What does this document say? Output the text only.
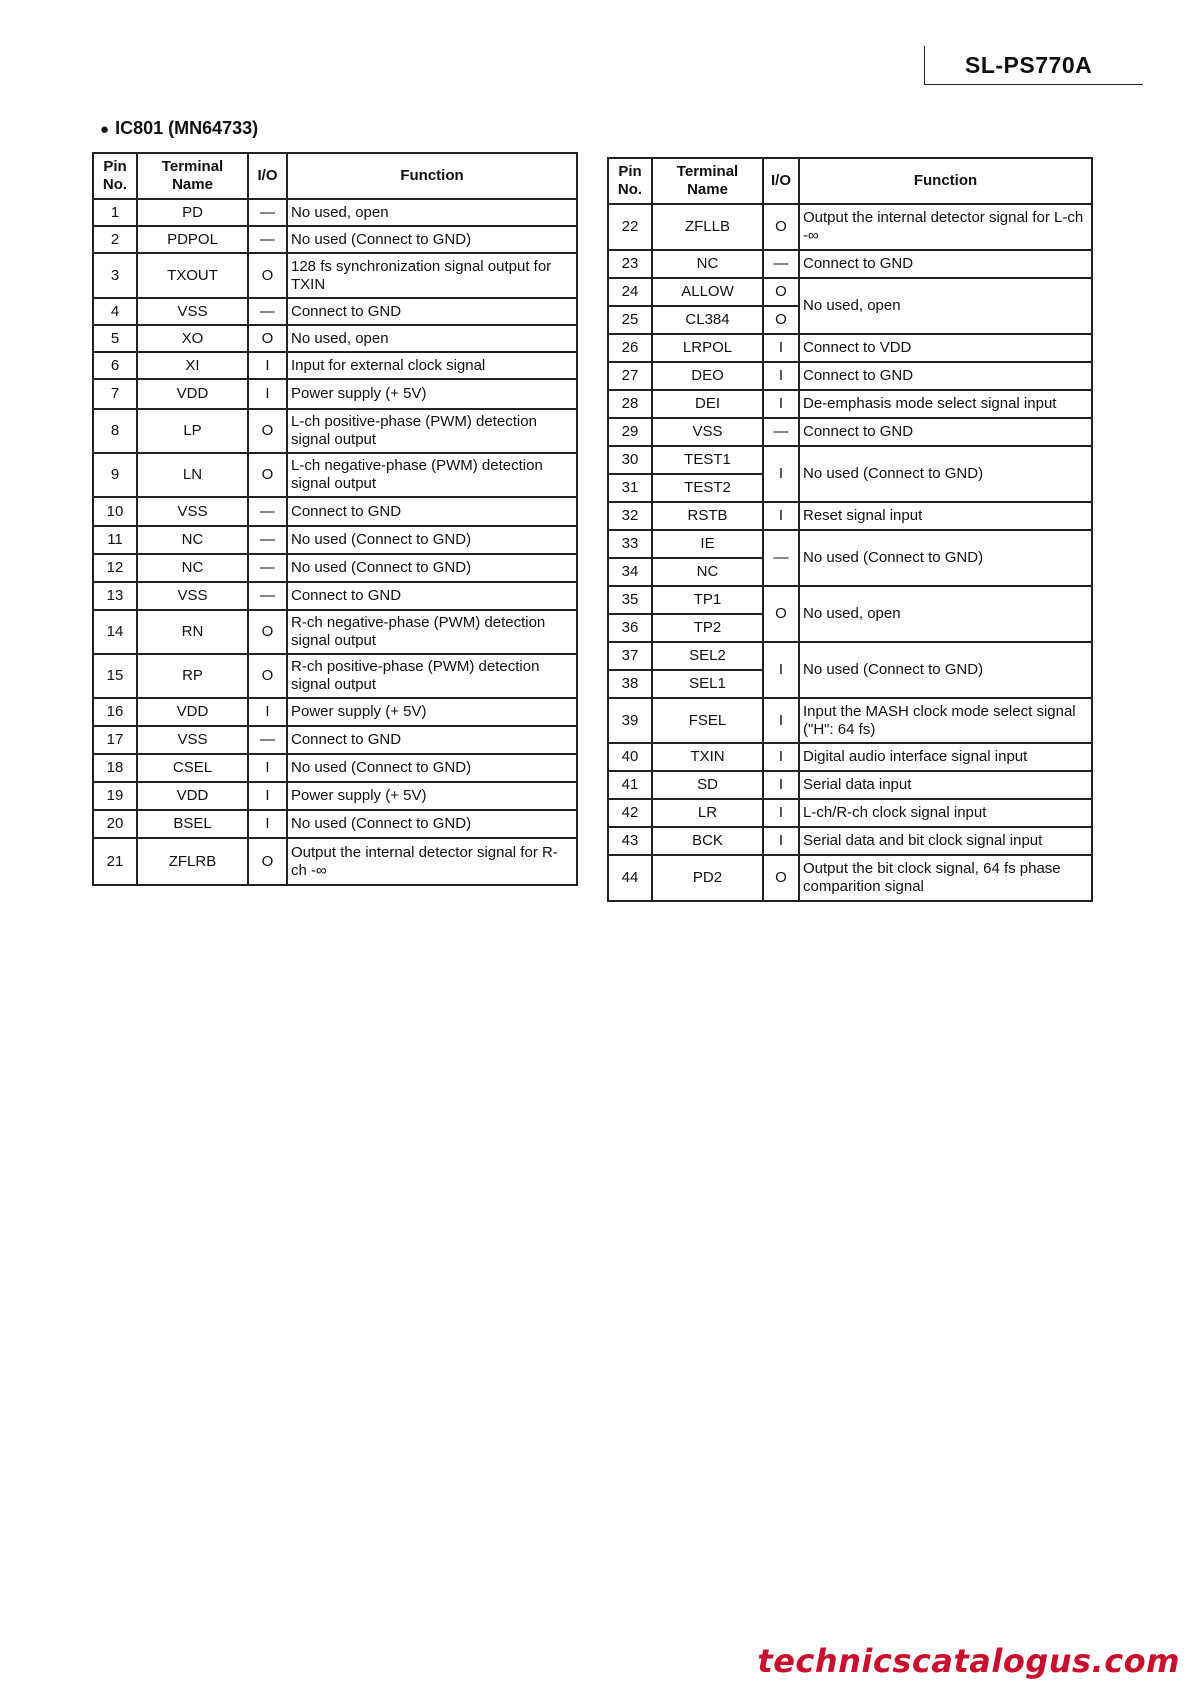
SL-PS770A
● IC801 (MN64733)
Pin No.	Terminal Name	I/O	Function
1	PD	—	No used, open
2	PDPOL	—	No used (Connect to GND)
3	TXOUT	O	128 fs synchronization signal output for TXIN
4	VSS	—	Connect to GND
5	XO	O	No used, open
6	XI	I	Input for external clock signal
7	VDD	I	Power supply (+ 5V)
8	LP	O	L-ch positive-phase (PWM) detection signal output
9	LN	O	L-ch negative-phase (PWM) detection signal output
10	VSS	—	Connect to GND
11	NC	—	No used (Connect to GND)
12	NC	—	No used (Connect to GND)
13	VSS	—	Connect to GND
14	RN	O	R-ch negative-phase (PWM) detection signal output
15	RP	O	R-ch positive-phase (PWM) detection signal output
16	VDD	I	Power supply (+ 5V)
17	VSS	—	Connect to GND
18	CSEL	I	No used (Connect to GND)
19	VDD	I	Power supply (+ 5V)
20	BSEL	I	No used (Connect to GND)
21	ZFLRB	O	Output the internal detector signal for R-ch -∞
Pin No.	Terminal Name	I/O	Function
22	ZFLLB	O	Output the internal detector signal for L-ch -∞
23	NC	—	Connect to GND
24	ALLOW	O	No used, open
25	CL384	O	
26	LRPOL	I	Connect to VDD
27	DEO	I	Connect to GND
28	DEI	I	De-emphasis mode select signal input
29	VSS	—	Connect to GND
30	TEST1	I	No used (Connect to GND)
31	TEST2		
32	RSTB	I	Reset signal input
33	IE	—	No used (Connect to GND)
34	NC		
35	TP1	O	No used, open
36	TP2		
37	SEL2	I	No used (Connect to GND)
38	SEL1		
39	FSEL	I	Input the MASH clock mode select signal ("H": 64 fs)
40	TXIN	I	Digital audio interface signal input
41	SD	I	Serial data input
42	LR	I	L-ch/R-ch clock signal input
43	BCK	I	Serial data and bit clock signal input
44	PD2	O	Output the bit clock signal, 64 fs phase comparition signal
technicscatalogus.com
